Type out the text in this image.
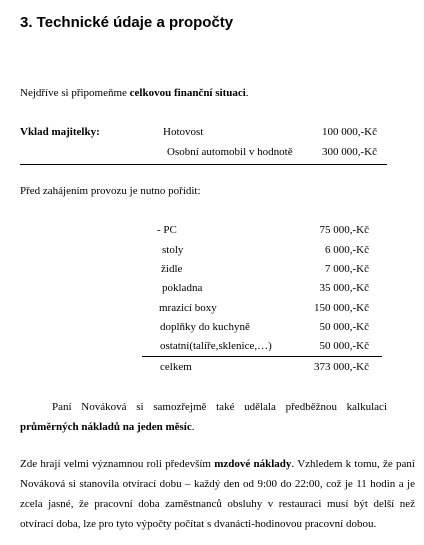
3. Technické údaje a propočty
Nejdříve si připomeňme celkovou finanční situaci.
Vklad majitelky:	Hotovost	100 000,-Kč
Osobní automobil v hodnotě	300 000,-Kč
Před zahájením provozu je nutno pořídit:
- PC	75 000,-Kč
stoly	6 000,-Kč
židle	7 000,-Kč
pokladna	35 000,-Kč
mrazicí boxy	150 000,-Kč
doplňky do kuchyně	50 000,-Kč
ostatní(talíře,sklenice,…)	50 000,-Kč
celkem	373 000,-Kč
Paní Nováková si samozřejmě také udělala předběžnou kalkulaci průměrných nákladů na jeden měsíc.
Zde hrají velmi významnou roli především mzdové náklady. Vzhledem k tomu, že paní Nováková si stanovila otvírací dobu – každý den od 9:00 do 22:00, což je 11 hodin a je zcela jasné, že pracovní doba zaměstnanců obsluhy v restauraci musí být delší než otvírací doba, lze pro tyto výpočty počítat s dvanácti-hodinovou pracovní dobou.
